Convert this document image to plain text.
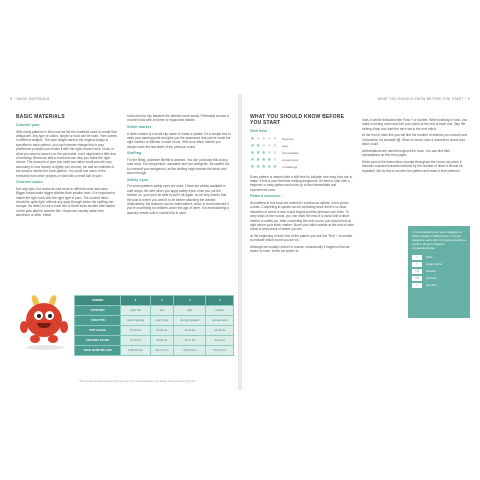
8 ~ BASIC MATERIALS
BASIC MATERIALS
Colorful yarn

With many patterns in this book we list the materials used to create that amigurumi. Any type of cotton, acrylic or wool can be used. Yarn comes in different weights. The yarn weight used in the original design is specified in each pattern, you can however change this to your preference provided you match it with the right crochet hook. Much of what you need to know is on the yarn label, but it might take a little trial of deciding. Below we add a chart that can help you make the right choice. The amounts of yarn you need are rather small and will vary according to how loosely or tightly you crochet; we add an estimate of the amount needed for each pattern. You could use some of the remnants from other projects or start with a small ball of yarn.

Crochet hooks

Not only yarn, but hooks as well come in different sorts and sizes. Bigger hooks make bigger stitches than smaller ones. It is important to match the right hook with the right type of yarn. The crochet fabric should be quite tight, without any gaps through which the stuffing can escape. It's better to use a hook two or three sizes smaller than stated on the yarn label to achieve this. Hooks are usually made from aluminum or steel. Metal

hooks tend to slip between the stitches more easily. Preferably choose a crochet hook with a rubber or ergonomic handle.

Stitch marker

A stitch marker is a small clip made of metal or plastic. It's a simple tool to mark your starting point and give you the assurance that you've made the right number of stitches in each round. With your stitch marker you always mark the last stitch of the previous round.

Stuffing

For the filling, polyester fiberfill is advised. You can purchase this at any craft shop. It is inexpensive, washable and non-allergenic. Be careful not to overstuff your amigurumi, as the stuffing might stretch the fabric and show through.

Safety eyes

For some patterns safety eyes are used. These are widely available in craft shops. Be alert when you apply safety eyes: once you put the washer on, you won't be able to pull it off again, so be very careful that the post is where you want it to be before attaching the washer. Alternatively, the features can be embroidered, which is recommended if you're crocheting for children under the age of three. For embroidering a tapestry needle with a rounded tip is used.

NUMBER	0	1	2	3
CATEGORY	super fine	fine	light	medium
YARN TYPE	sock, fingering	sport, baby	dk, light worsted	worsted, aran
KNIT GAUGE	27-32 sts	23-26 sts	21-24 sts	16-20 sts
CROCHET GAUGE	21-32 sts	16-20 sts	12-17 sts	11-14 sts
HOOK IN METRIC SIZE	2.25-3.5 mm	3.5-4.5 mm	4.5-5.5 mm	5.5-6.5 mm
* The numbers are approximately and may vary, it is a recommendation only. Always check your hook and yarn.
WHAT YOU SHOULD KNOW BEFORE YOU START ~ 9
WHAT YOU SHOULD KNOW BEFORE YOU START
Skill level
★ ★ ★ ★ ★ beginner
★ ★ ★ ★ ★ easy
★ ★ ★ ★ ★ intermediate
★ ★ ★ ★ ★ experienced
★ ★ ★ ★ ★ a challenge

Every pattern is marked with a skill level to indicate how easy they are to make. If this is your first time making amigurumi, it's best to start with a beginner or easy pattern and work up to the intermediate and experienced ones.

Pattern structure

All patterns in this book are worked in continuous spirals, not in joined rounds. Crocheting in spirals can be confusing since there's no clear indication of where a new round begins and the previous one ends. To keep track of the rounds, you can mark the end of a round with a stitch marker or safety pin. After crocheting the next round, you should end up right above your stitch marker. Move your stitch marker at the end of each round to keep track of where you are.

At the beginning of each line of the pattern you will find 'Rnd' + a number to indicate which round you are on.

Although we usually crochet in rounds, occasionally it happens that we switch to rows. When we switch to

rows, it will be indicated with 'Row' + a number. When working in rows, you make a turning chain and turn your piece at the end of each row. Skip the turning chain and start the next row in the next stitch.

At the end of each line you will find the number of stitches you should have in brackets, for example [8]. When in doubt, take a moment to check your stitch count.

Abbreviations are used throughout the book. You can find their explanations on the next pages.

When part of the instructions repeats throughout the round, we place it between rounded brackets followed by the number of times it should be repeated. We do this to shorten the pattern and make it less cluttered.

In some patterns we use a diagram to better explain a difficult part. In those diagrams each stitch is represented by a symbol. Read a diagram counterclockwise.
○	chain
×	single crochet
×V	increase
×Λ	decrease
•	slip stitch
